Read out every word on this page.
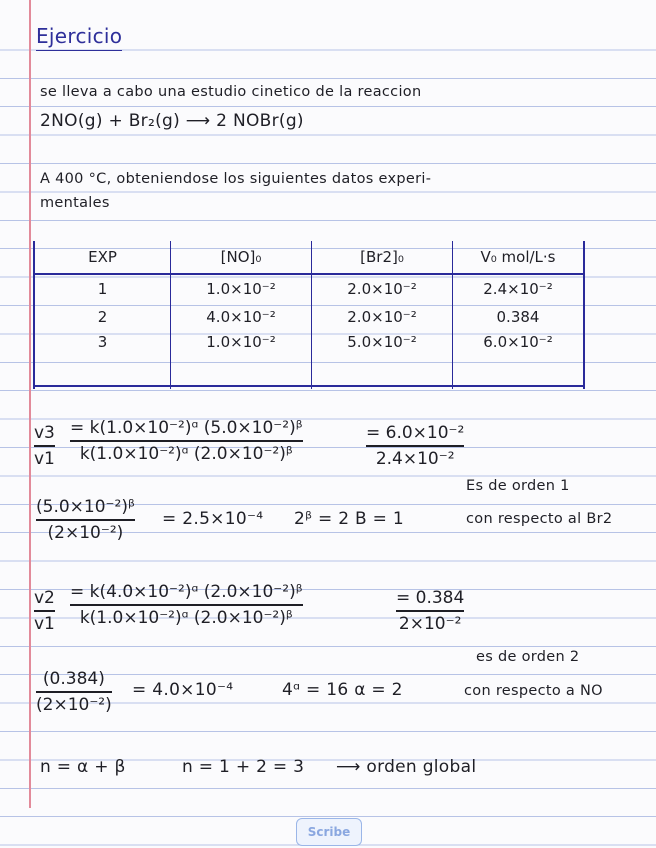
Ejercicio
se lleva a cabo una estudio cinetico de la reaccion
2NO(g) + Br₂(g) ⟶ 2 NOBr(g)
A 400 °C, obteniendose los siguientes datos experi-
mentales
EXP	[NO]₀	[Br2]₀	V₀ mol/L·s
1	1.0×10⁻²	2.0×10⁻²	2.4×10⁻²
2	4.0×10⁻²	2.0×10⁻²	0.384
3	1.0×10⁻²	5.0×10⁻²	6.0×10⁻²
v3
v1
= k(1.0×10⁻²)ᵅ (5.0×10⁻²)ᵝ
k(1.0×10⁻²)ᵅ (2.0×10⁻²)ᵝ
= 6.0×10⁻²
2.4×10⁻²
Es de orden 1
(5.0×10⁻²)ᵝ
(2×10⁻²)
= 2.5×10⁻⁴ 2ᵝ = 2 B = 1	con respecto al Br2
v2
v1
= k(4.0×10⁻²)ᵅ (2.0×10⁻²)ᵝ
k(1.0×10⁻²)ᵅ (2.0×10⁻²)ᵝ
= 0.384
2×10⁻²
es de orden 2
(0.384)
(2×10⁻²)
= 4.0×10⁻⁴	4ᵅ = 16 α = 2	con respecto a NO
n = α + β	n = 1 + 2 = 3 ⟶ orden global
Scribe
